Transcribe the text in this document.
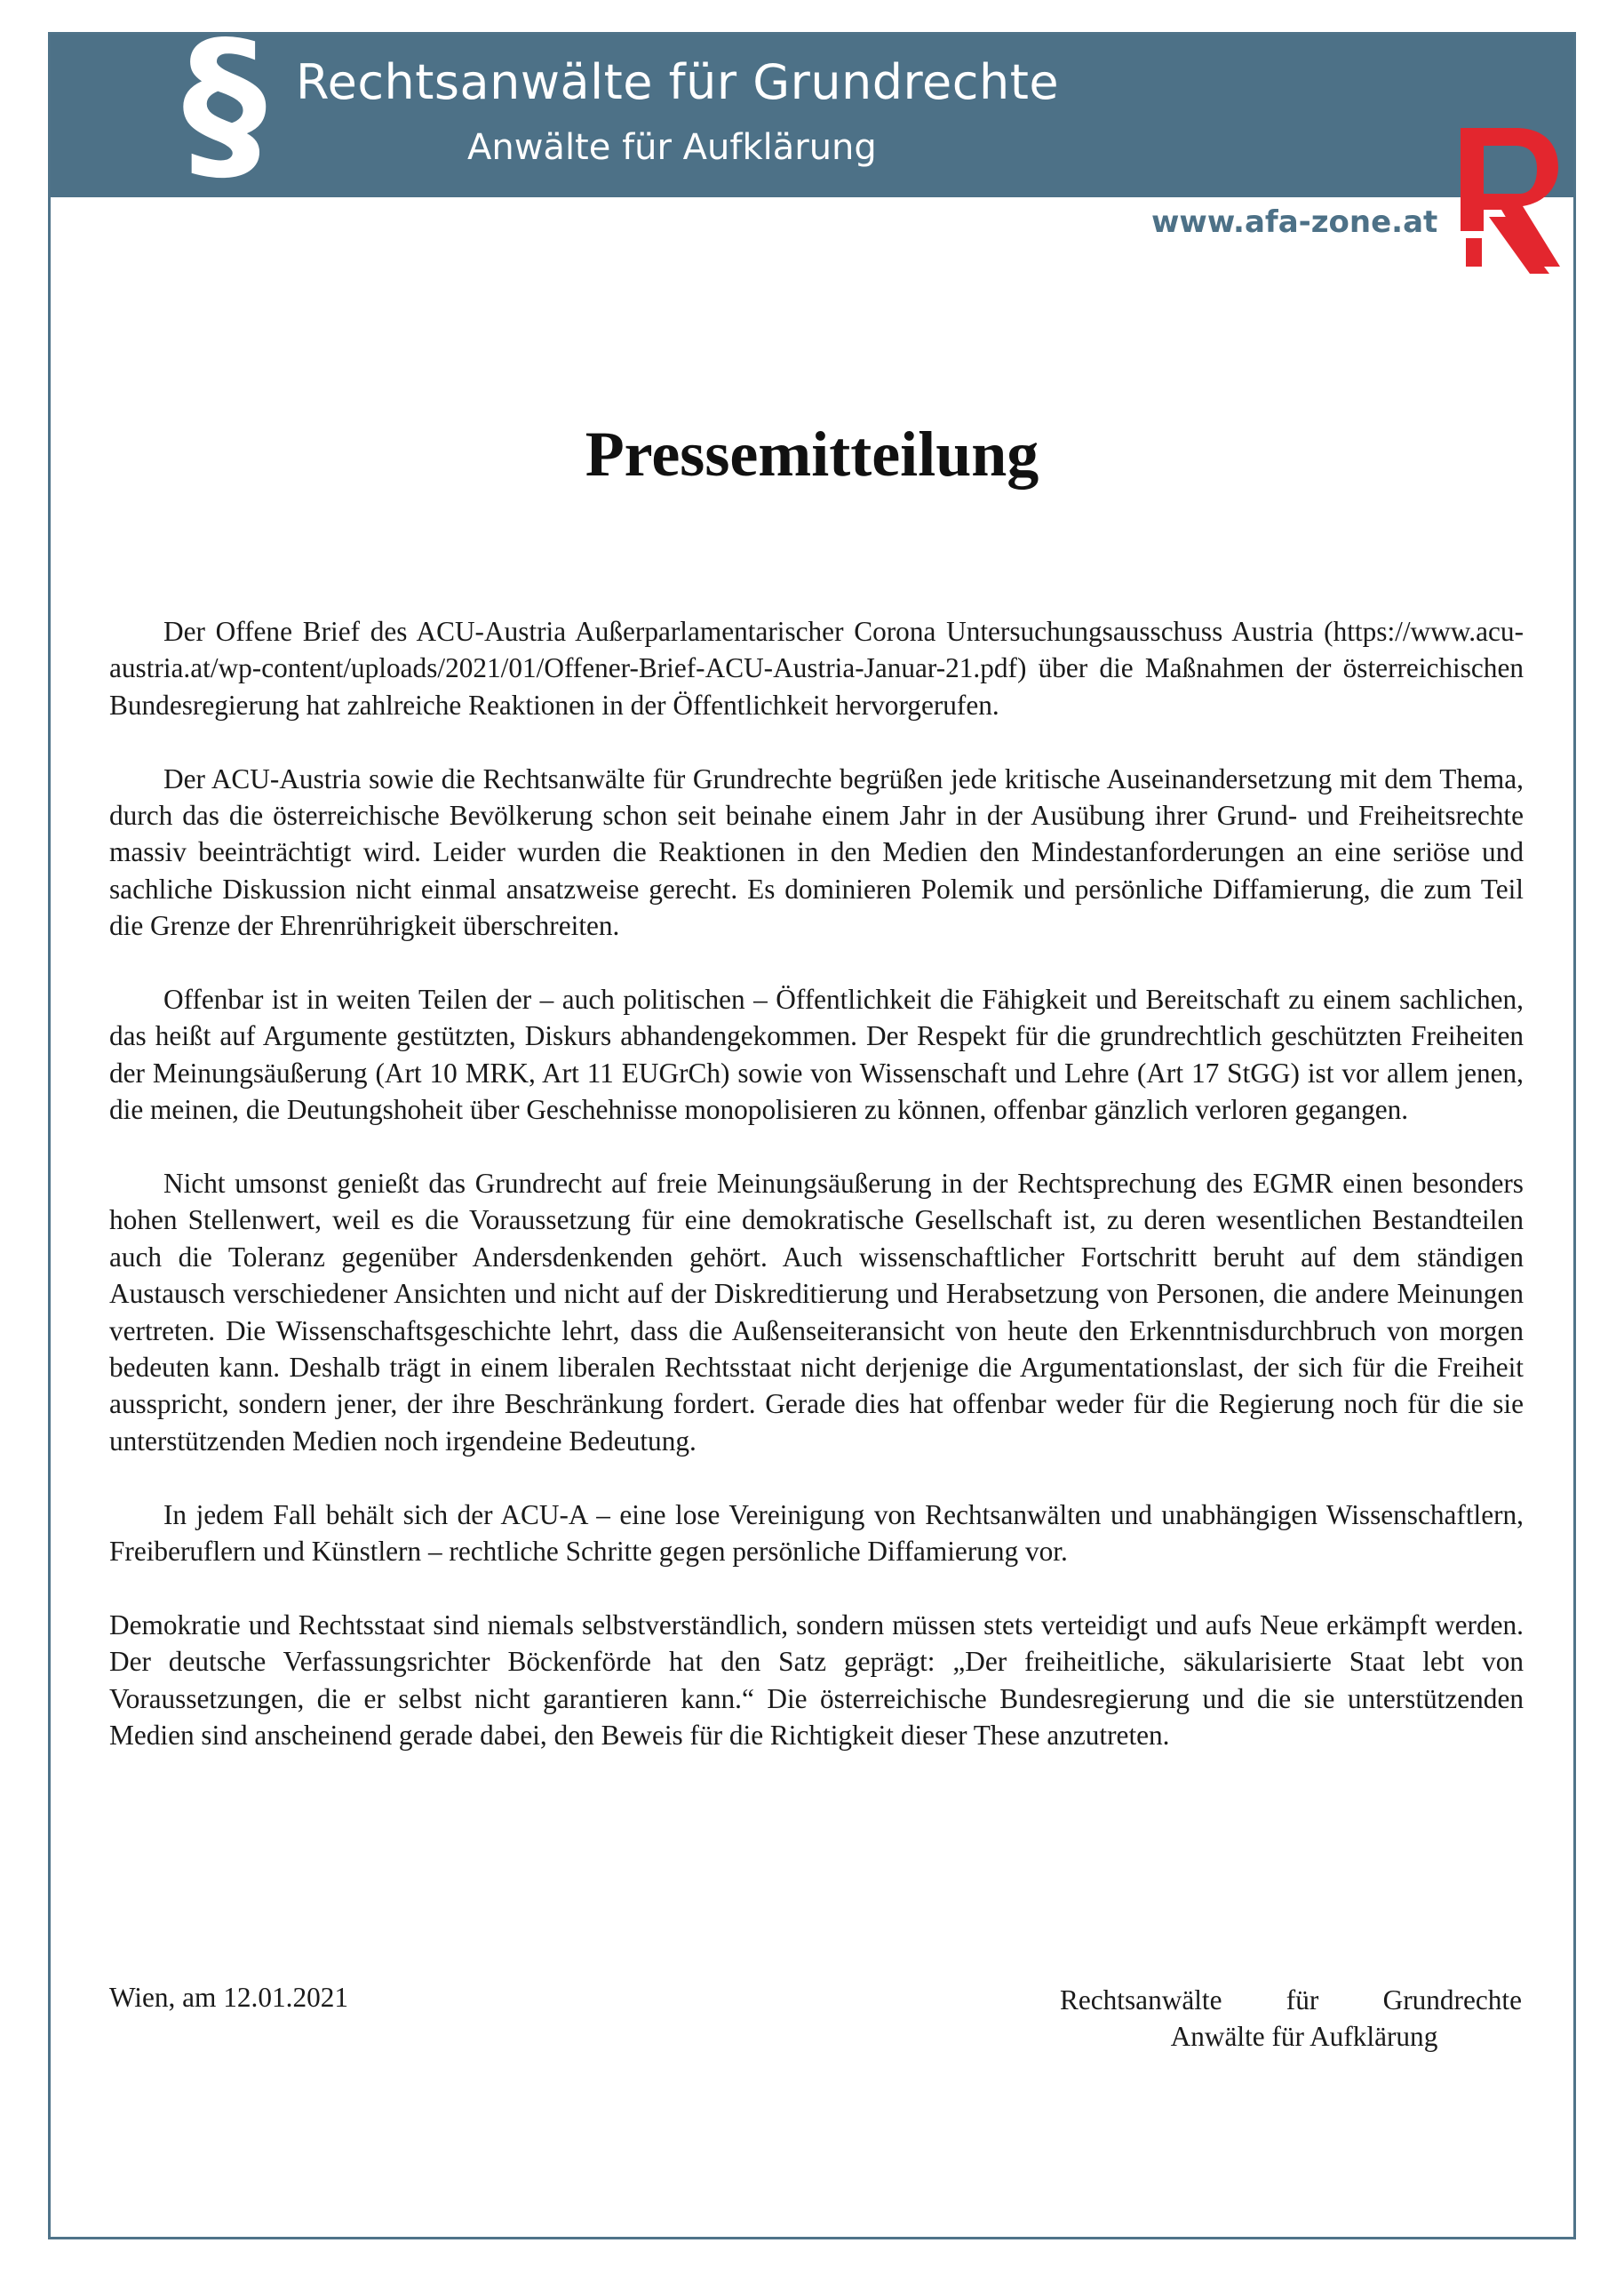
§ Rechtsanwälte für Grundrechte
Anwälte für Aufklärung
www.afa-zone.at
Pressemitteilung

Der Offene Brief des ACU-Austria Außerparlamentarischer Corona Untersuchungsausschuss Austria (https://www.acu-austria.at/wp-content/uploads/2021/01/Offener-Brief-ACU-Austria-Januar-21.pdf) über die Maßnahmen der österreichischen Bundesregierung hat zahlreiche Reaktionen in der Öffentlichkeit hervorgerufen.

Der ACU-Austria sowie die Rechtsanwälte für Grundrechte begrüßen jede kritische Auseinandersetzung mit dem Thema, durch das die österreichische Bevölkerung schon seit beinahe einem Jahr in der Ausübung ihrer Grund- und Freiheitsrechte massiv beeinträchtigt wird. Leider wurden die Reaktionen in den Medien den Mindestanforderungen an eine seriöse und sachliche Diskussion nicht einmal ansatzweise gerecht. Es dominieren Polemik und persönliche Diffamierung, die zum Teil die Grenze der Ehrenrührigkeit überschreiten.

Offenbar ist in weiten Teilen der – auch politischen – Öffentlichkeit die Fähigkeit und Bereitschaft zu einem sachlichen, das heißt auf Argumente gestützten, Diskurs abhandengekommen. Der Respekt für die grundrechtlich geschützten Freiheiten der Meinungsäußerung (Art 10 MRK, Art 11 EUGrCh) sowie von Wissenschaft und Lehre (Art 17 StGG) ist vor allem jenen, die meinen, die Deutungshoheit über Geschehnisse monopolisieren zu können, offenbar gänzlich verloren gegangen.

Nicht umsonst genießt das Grundrecht auf freie Meinungsäußerung in der Rechtsprechung des EGMR einen besonders hohen Stellenwert, weil es die Voraussetzung für eine demokratische Gesellschaft ist, zu deren wesentlichen Bestandteilen auch die Toleranz gegenüber Andersdenkenden gehört. Auch wissenschaftlicher Fortschritt beruht auf dem ständigen Austausch verschiedener Ansichten und nicht auf der Diskreditierung und Herabsetzung von Personen, die andere Meinungen vertreten. Die Wissenschaftsgeschichte lehrt, dass die Außenseiteransicht von heute den Erkenntnisdurchbruch von morgen bedeuten kann. Deshalb trägt in einem liberalen Rechtsstaat nicht derjenige die Argumentationslast, der sich für die Freiheit ausspricht, sondern jener, der ihre Beschränkung fordert. Gerade dies hat offenbar weder für die Regierung noch für die sie unterstützenden Medien noch irgendeine Bedeutung.

In jedem Fall behält sich der ACU-A – eine lose Vereinigung von Rechtsanwälten und unabhängigen Wissenschaftlern, Freiberuflern und Künstlern – rechtliche Schritte gegen persönliche Diffamierung vor.

Demokratie und Rechtsstaat sind niemals selbstverständlich, sondern müssen stets verteidigt und aufs Neue erkämpft werden. Der deutsche Verfassungsrichter Böckenförde hat den Satz geprägt: „Der freiheitliche, säkularisierte Staat lebt von Voraussetzungen, die er selbst nicht garantieren kann.“ Die österreichische Bundesregierung und die sie unterstützenden Medien sind anscheinend gerade dabei, den Beweis für die Richtigkeit dieser These anzutreten.

Wien, am 12.01.2021	Rechtsanwälte für Grundrechte
Anwälte für Aufklärung
